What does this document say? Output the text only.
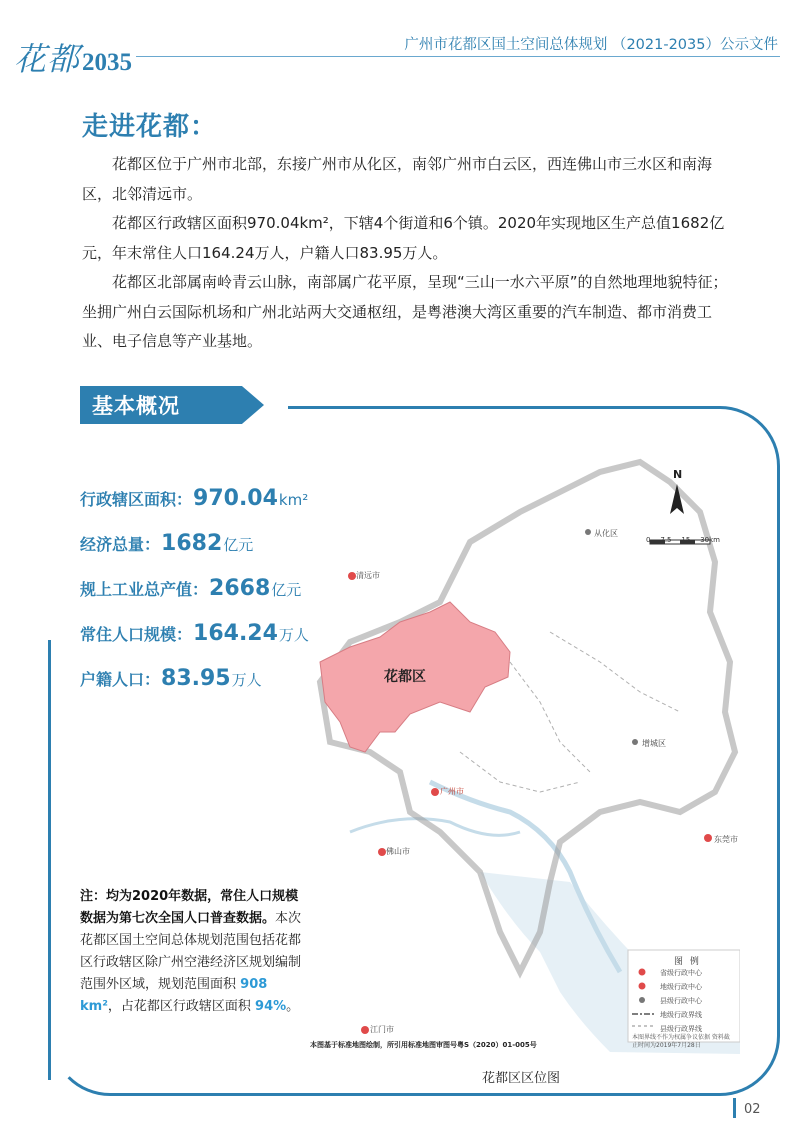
花都 2035
广州市花都区国土空间总体规划 （2021-2035）公示文件
走进花都：

花都区位于广州市北部，东接广州市从化区，南邻广州市白云区，西连佛山市三水区和南海区，北邻清远市。

花都区行政辖区面积970.04km²，下辖4个街道和6个镇。2020年实现地区生产总值1682亿元，年末常住人口164.24万人，户籍人口83.95万人。

花都区北部属南岭青云山脉，南部属广花平原，呈现“三山一水六平原”的自然地理地貌特征；坐拥广州白云国际机场和广州北站两大交通枢纽，是粤港澳大湾区重要的汽车制造、都市消费工业、电子信息等产业基地。

基本概况
行政辖区面积： 970.04 km²
经济总量： 1682 亿元
规上工业总产值： 2668 亿元
常住人口规模： 164.24 万人
户籍人口： 83.95 万人
注：均为2020年数据，常住人口规模数据为第七次全国人口普查数据。本次花都区国土空间总体规划范围包括花都区行政辖区除广州空港经济区规划编制范围外区域，规划范围面积 908 km²，占花都区行政辖区面积 94%。
花都区
N
0 7.5 15 30km
清远市
佛山市
广州市
东莞市
江门市
增城区
从化区
图 例
省级行政中心
地级行政中心
县级行政中心
地级行政界线
县级行政界线
本图界线不作为权属争议依据 资料截止时间为2019年7月28日
本图基于标准地图绘制，所引用标准地图审图号粤S（2020）01-005号
花都区区位图
02
